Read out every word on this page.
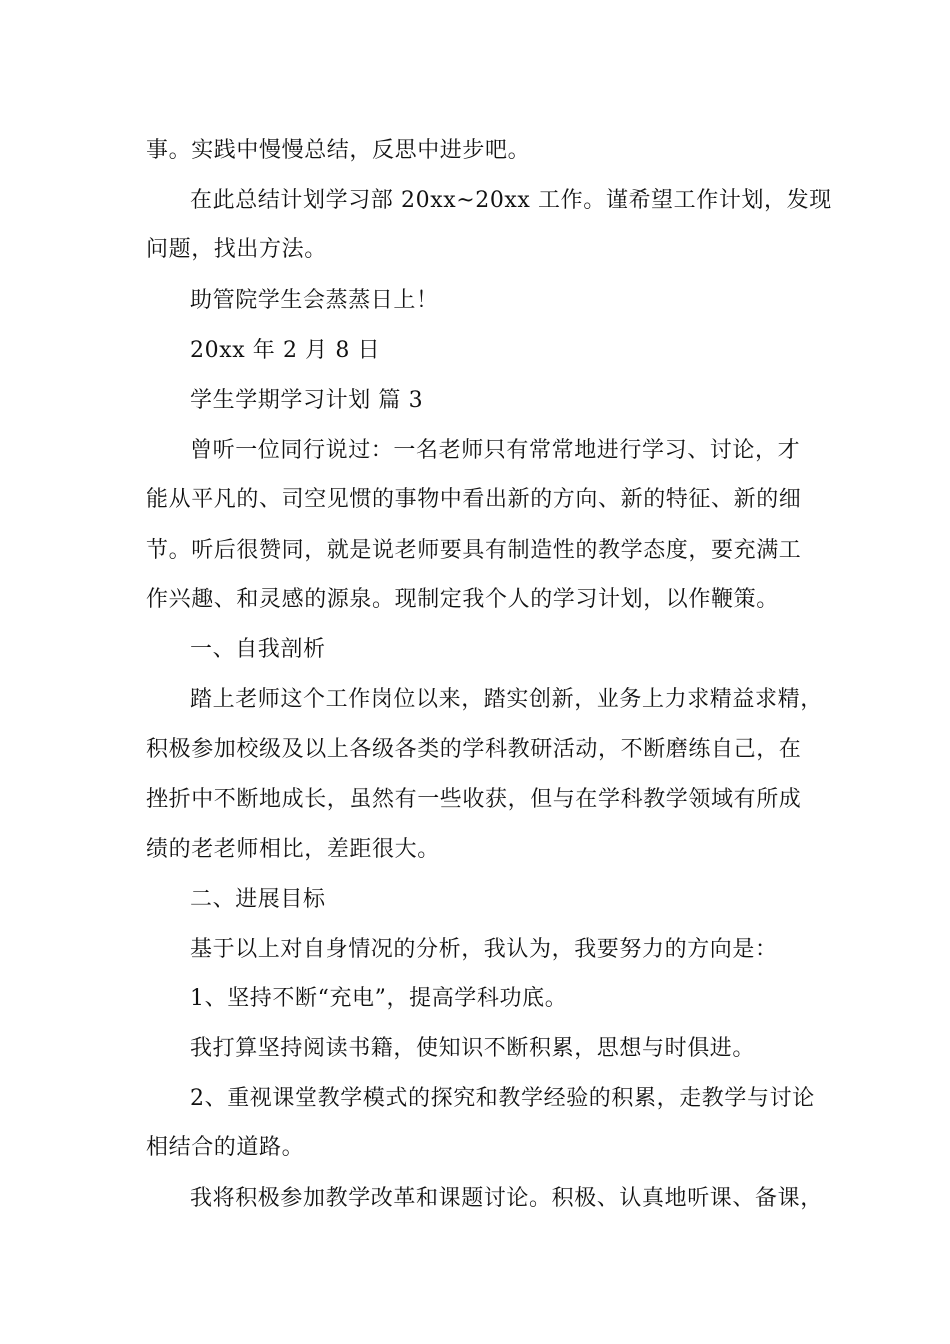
事。实践中慢慢总结，反思中进步吧。
在此总结计划学习部 20xx~20xx 工作。谨希望工作计划，发现
问题，找出方法。
助管院学生会蒸蒸日上！
20xx 年 2 月 8 日
学生学期学习计划 篇 3
曾听一位同行说过：一名老师只有常常地进行学习、讨论，才
能从平凡的、司空见惯的事物中看出新的方向、新的特征、新的细
节。听后很赞同，就是说老师要具有制造性的教学态度，要充满工
作兴趣、和灵感的源泉。现制定我个人的学习计划，以作鞭策。
一、自我剖析
踏上老师这个工作岗位以来，踏实创新，业务上力求精益求精，
积极参加校级及以上各级各类的学科教研活动，不断磨练自己，在
挫折中不断地成长，虽然有一些收获，但与在学科教学领域有所成
绩的老老师相比，差距很大。
二、进展目标
基于以上对自身情况的分析，我认为，我要努力的方向是：
1、坚持不断“充电”，提高学科功底。
我打算坚持阅读书籍，使知识不断积累，思想与时俱进。
2、重视课堂教学模式的探究和教学经验的积累，走教学与讨论
相结合的道路。
我将积极参加教学改革和课题讨论。积极、认真地听课、备课，
